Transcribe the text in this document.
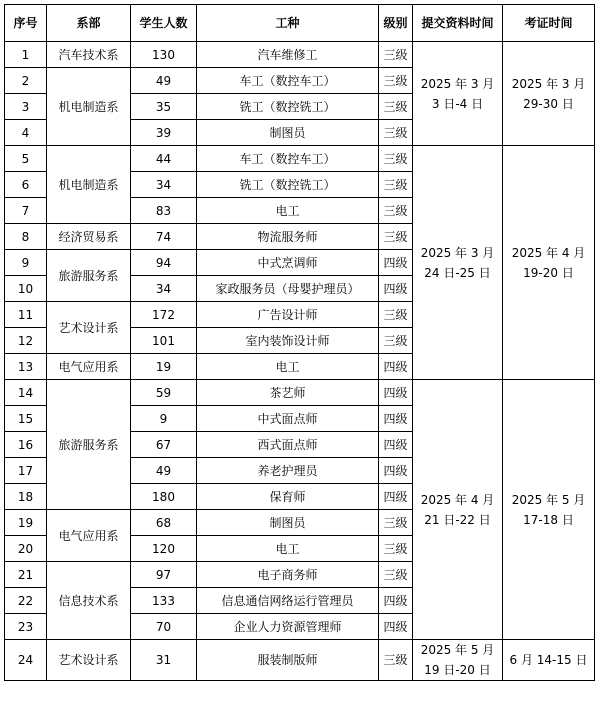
序号	系部	学生人数	工种	级别	提交资料时间	考证时间
1	汽车技术系	130	汽车维修工	三级	2025 年 3 月 3 日-4 日	2025 年 3 月 29-30 日
2	机电制造系	49	车工（数控车工）	三级		
3		35	铣工（数控铣工）	三级		
4		39	制图员	三级		
5	机电制造系	44	车工（数控车工）	三级	2025 年 3 月 24 日-25 日	2025 年 4 月 19-20 日
6		34	铣工（数控铣工）	三级		
7		83	电工	三级		
8	经济贸易系	74	物流服务师	三级		
9	旅游服务系	94	中式烹调师	四级		
10		34	家政服务员（母婴护理员）	四级		
11	艺术设计系	172	广告设计师	三级		
12		101	室内装饰设计师	三级		
13	电气应用系	19	电工	四级		
14	旅游服务系	59	茶艺师	四级	2025 年 4 月 21 日-22 日	2025 年 5 月 17-18 日
15		9	中式面点师	四级		
16		67	西式面点师	四级		
17		49	养老护理员	四级		
18		180	保育师	四级		
19	电气应用系	68	制图员	三级		
20		120	电工	三级		
21	信息技术系	97	电子商务师	三级		
22		133	信息通信网络运行管理员	四级		
23		70	企业人力资源管理师	四级		
24	艺术设计系	31	服装制版师	三级	2025 年 5 月 19 日-20 日	6 月 14-15 日
